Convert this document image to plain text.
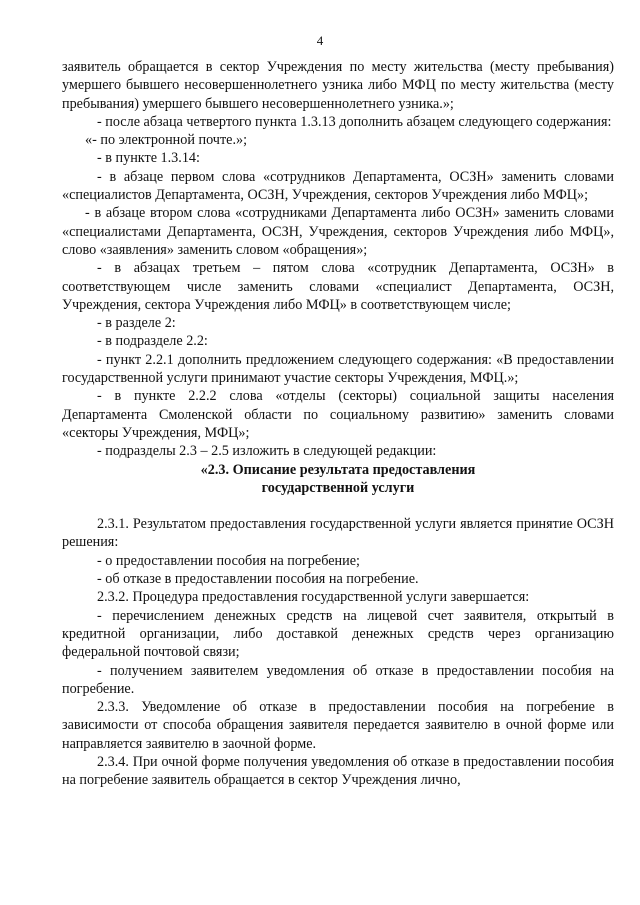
4

заявитель обращается в сектор Учреждения по месту жительства (месту пребывания) умершего бывшего несовершеннолетнего узника либо МФЦ по месту жительства (месту пребывания) умершего бывшего несовершеннолетнего узника.»;

- после абзаца четвертого пункта 1.3.13 дополнить абзацем следующего содержания:

«- по электронной почте.»;

- в пункте 1.3.14:

- в абзаце первом слова «сотрудников Департамента, ОСЗН» заменить словами «специалистов Департамента, ОСЗН, Учреждения, секторов Учреждения либо МФЦ»;

- в абзаце втором слова «сотрудниками Департамента либо ОСЗН» заменить словами «специалистами Департамента, ОСЗН, Учреждения, секторов Учреждения либо МФЦ», слово «заявления» заменить словом «обращения»;

- в абзацах третьем – пятом слова «сотрудник Департамента, ОСЗН» в соответствующем числе заменить словами «специалист Департамента, ОСЗН, Учреждения, сектора Учреждения либо МФЦ» в соответствующем числе;

- в разделе 2:

- в подразделе 2.2:

- пункт 2.2.1 дополнить предложением следующего содержания: «В предоставлении государственной услуги принимают участие секторы Учреждения, МФЦ.»;

- в пункте 2.2.2 слова «отделы (секторы) социальной защиты населения Департамента Смоленской области по социальному развитию» заменить словами «секторы Учреждения, МФЦ»;

- подразделы 2.3 – 2.5 изложить в следующей редакции:

«2.3. Описание результата предоставления

государственной услуги

2.3.1. Результатом предоставления государственной услуги является принятие ОСЗН решения:

- о предоставлении пособия на погребение;

- об отказе в предоставлении пособия на погребение.

2.3.2. Процедура предоставления государственной услуги завершается:

- перечислением денежных средств на лицевой счет заявителя, открытый в кредитной организации, либо доставкой денежных средств через организацию федеральной почтовой связи;

- получением заявителем уведомления об отказе в предоставлении пособия на погребение.

2.3.3. Уведомление об отказе в предоставлении пособия на погребение в зависимости от способа обращения заявителя передается заявителю в очной форме или направляется заявителю в заочной форме.

2.3.4. При очной форме получения уведомления об отказе в предоставлении пособия на погребение заявитель обращается в сектор Учреждения лично,
